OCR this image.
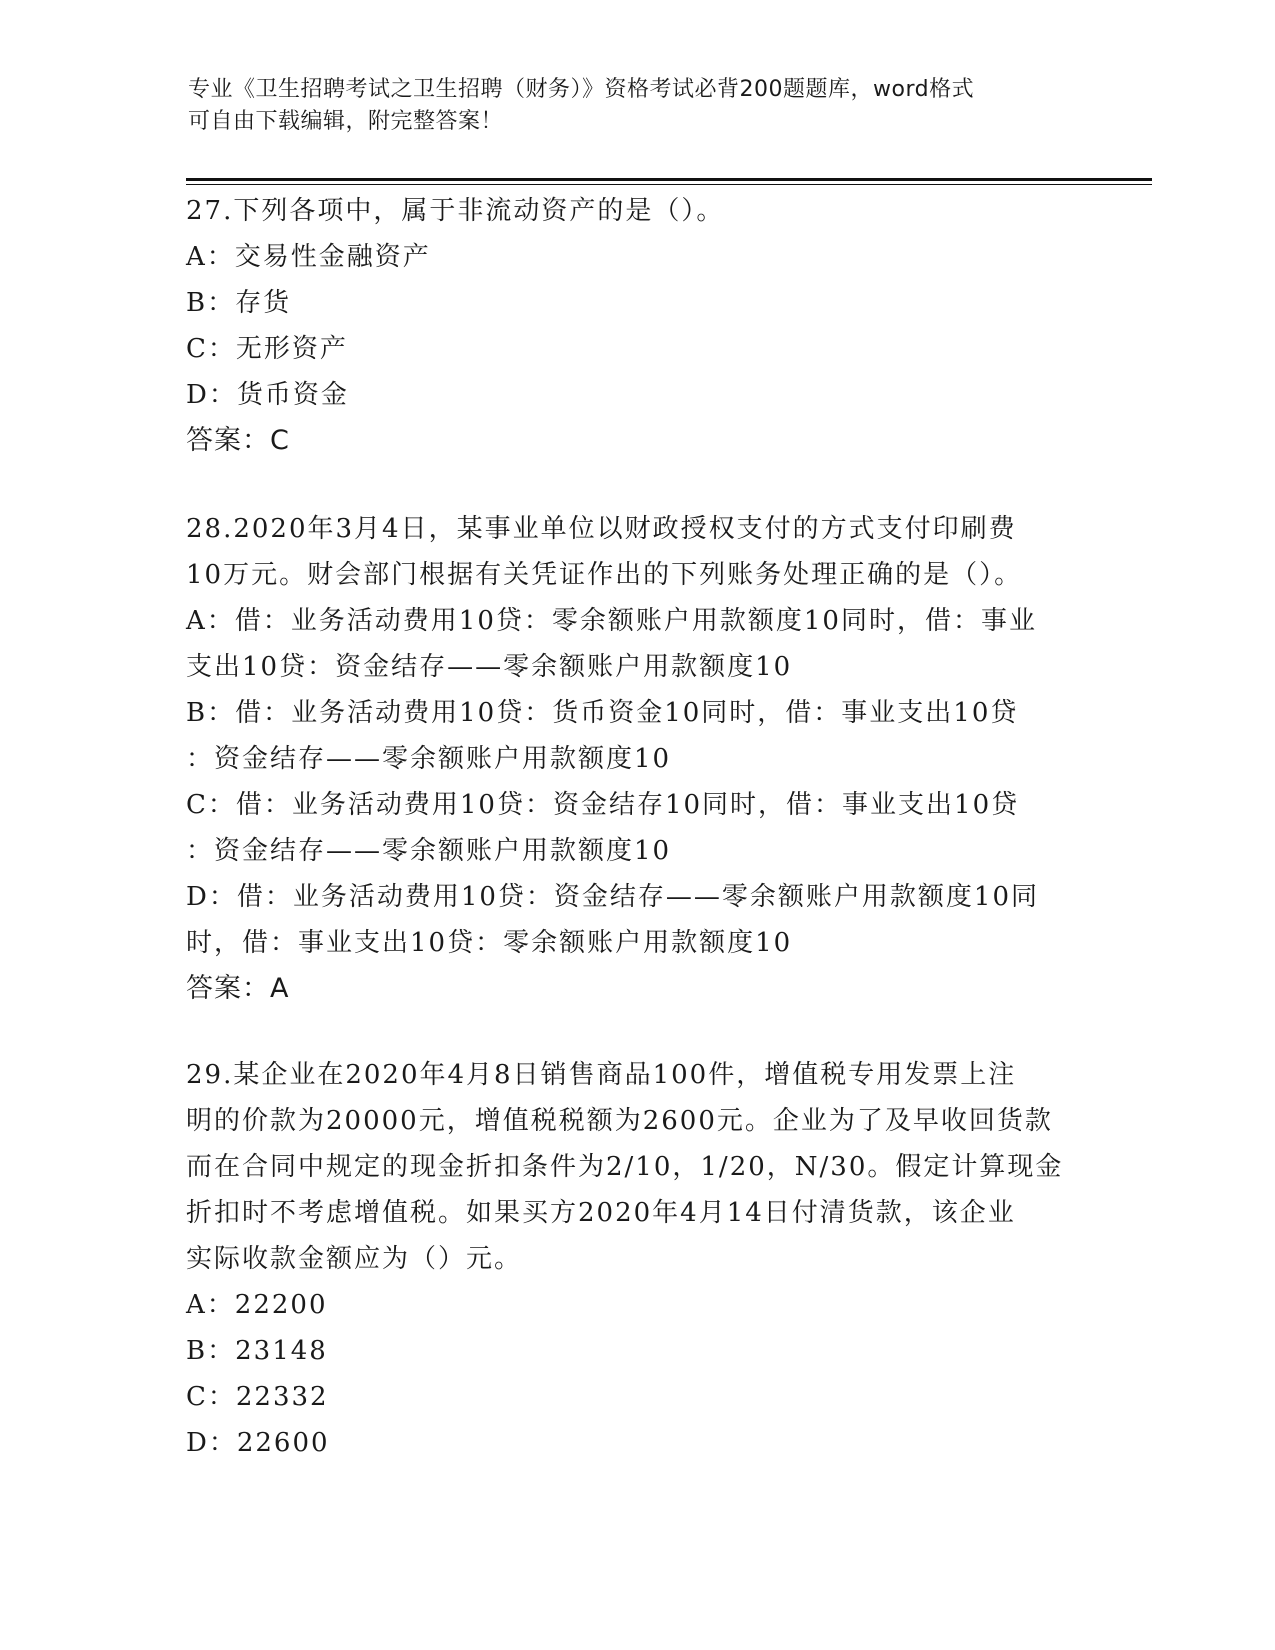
专业《卫生招聘考试之卫生招聘（财务）》资格考试必背200题题库，word格式
可自由下载编辑，附完整答案！
27.下列各项中，属于非流动资产的是（）。
A：交易性金融资产
B：存货
C：无形资产
D：货币资金
答案：C
28.2020年3月4日，某事业单位以财政授权支付的方式支付印刷费
10万元。财会部门根据有关凭证作出的下列账务处理正确的是（）。
A：借：业务活动费用10贷：零余额账户用款额度10同时，借：事业
支出10贷：资金结存——零余额账户用款额度10
B：借：业务活动费用10贷：货币资金10同时，借：事业支出10贷
：资金结存——零余额账户用款额度10
C：借：业务活动费用10贷：资金结存10同时，借：事业支出10贷
：资金结存——零余额账户用款额度10
D：借：业务活动费用10贷：资金结存——零余额账户用款额度10同
时，借：事业支出10贷：零余额账户用款额度10
答案：A
29.某企业在2020年4月8日销售商品100件，增值税专用发票上注
明的价款为20000元，增值税税额为2600元。企业为了及早收回货款
而在合同中规定的现金折扣条件为2/10，1/20，N/30。假定计算现金
折扣时不考虑增值税。如果买方2020年4月14日付清货款，该企业
实际收款金额应为（）元。
A：22200
B：23148
C：22332
D：22600
